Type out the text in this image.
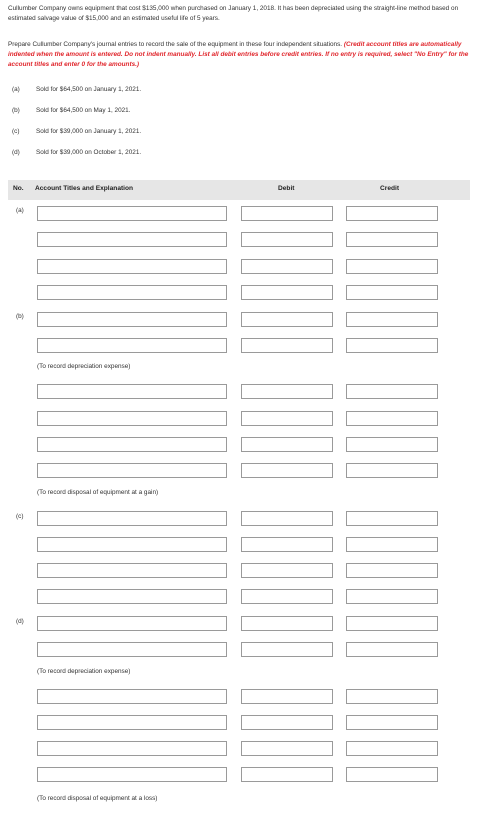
Cullumber Company owns equipment that cost $135,000 when purchased on January 1, 2018. It has been depreciated using the straight-line method based on estimated salvage value of $15,000 and an estimated useful life of 5 years.
Prepare Cullumber Company's journal entries to record the sale of the equipment in these four independent situations. (Credit account titles are automatically indented when the amount is entered. Do not indent manually. List all debit entries before credit entries. If no entry is required, select "No Entry" for the account titles and enter 0 for the amounts.)
(a)	Sold for $64,500 on January 1, 2021.
(b)	Sold for $64,500 on May 1, 2021.
(c)	Sold for $39,000 on January 1, 2021.
(d)	Sold for $39,000 on October 1, 2021.
No. Account Titles and Explanation	Debit	Credit
(a)
(b)
(To record depreciation expense)
(To record disposal of equipment at a gain)
(c)
(d)
(To record depreciation expense)
(To record disposal of equipment at a loss)
